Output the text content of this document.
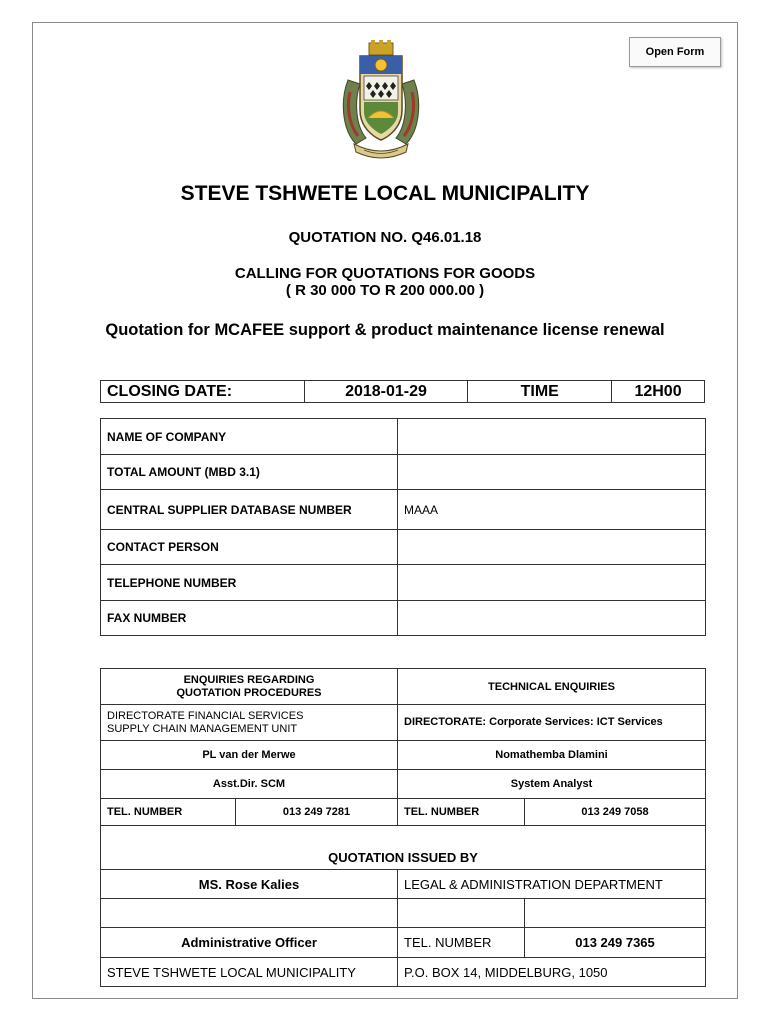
Open Form
STEVE TSHWETE LOCAL MUNICIPALITY
QUOTATION NO. Q46.01.18
CALLING FOR QUOTATIONS FOR GOODS
( R 30 000 TO R 200 000.00 )
Quotation for MCAFEE support & product maintenance license renewal
CLOSING DATE:	2018-01-29	TIME	12H00
NAME OF COMPANY	
TOTAL AMOUNT (MBD 3.1)	
CENTRAL SUPPLIER DATABASE NUMBER	MAAA
CONTACT PERSON	
TELEPHONE NUMBER	
FAX NUMBER	
ENQUIRIES REGARDING
QUOTATION PROCEDURES		TECHNICAL ENQUIRIES	
DIRECTORATE FINANCIAL SERVICES
SUPPLY CHAIN MANAGEMENT UNIT		DIRECTORATE: Corporate Services: ICT Services	
PL van der Merwe		Nomathemba Dlamini	
Asst.Dir. SCM		System Analyst	
TEL. NUMBER	013 249 7281	TEL. NUMBER	013 249 7058
QUOTATION ISSUED BY			
MS. Rose Kalies		LEGAL & ADMINISTRATION DEPARTMENT	

Administrative Officer		TEL. NUMBER	013 249 7365
STEVE TSHWETE LOCAL MUNICIPALITY		P.O. BOX 14, MIDDELBURG, 1050	
